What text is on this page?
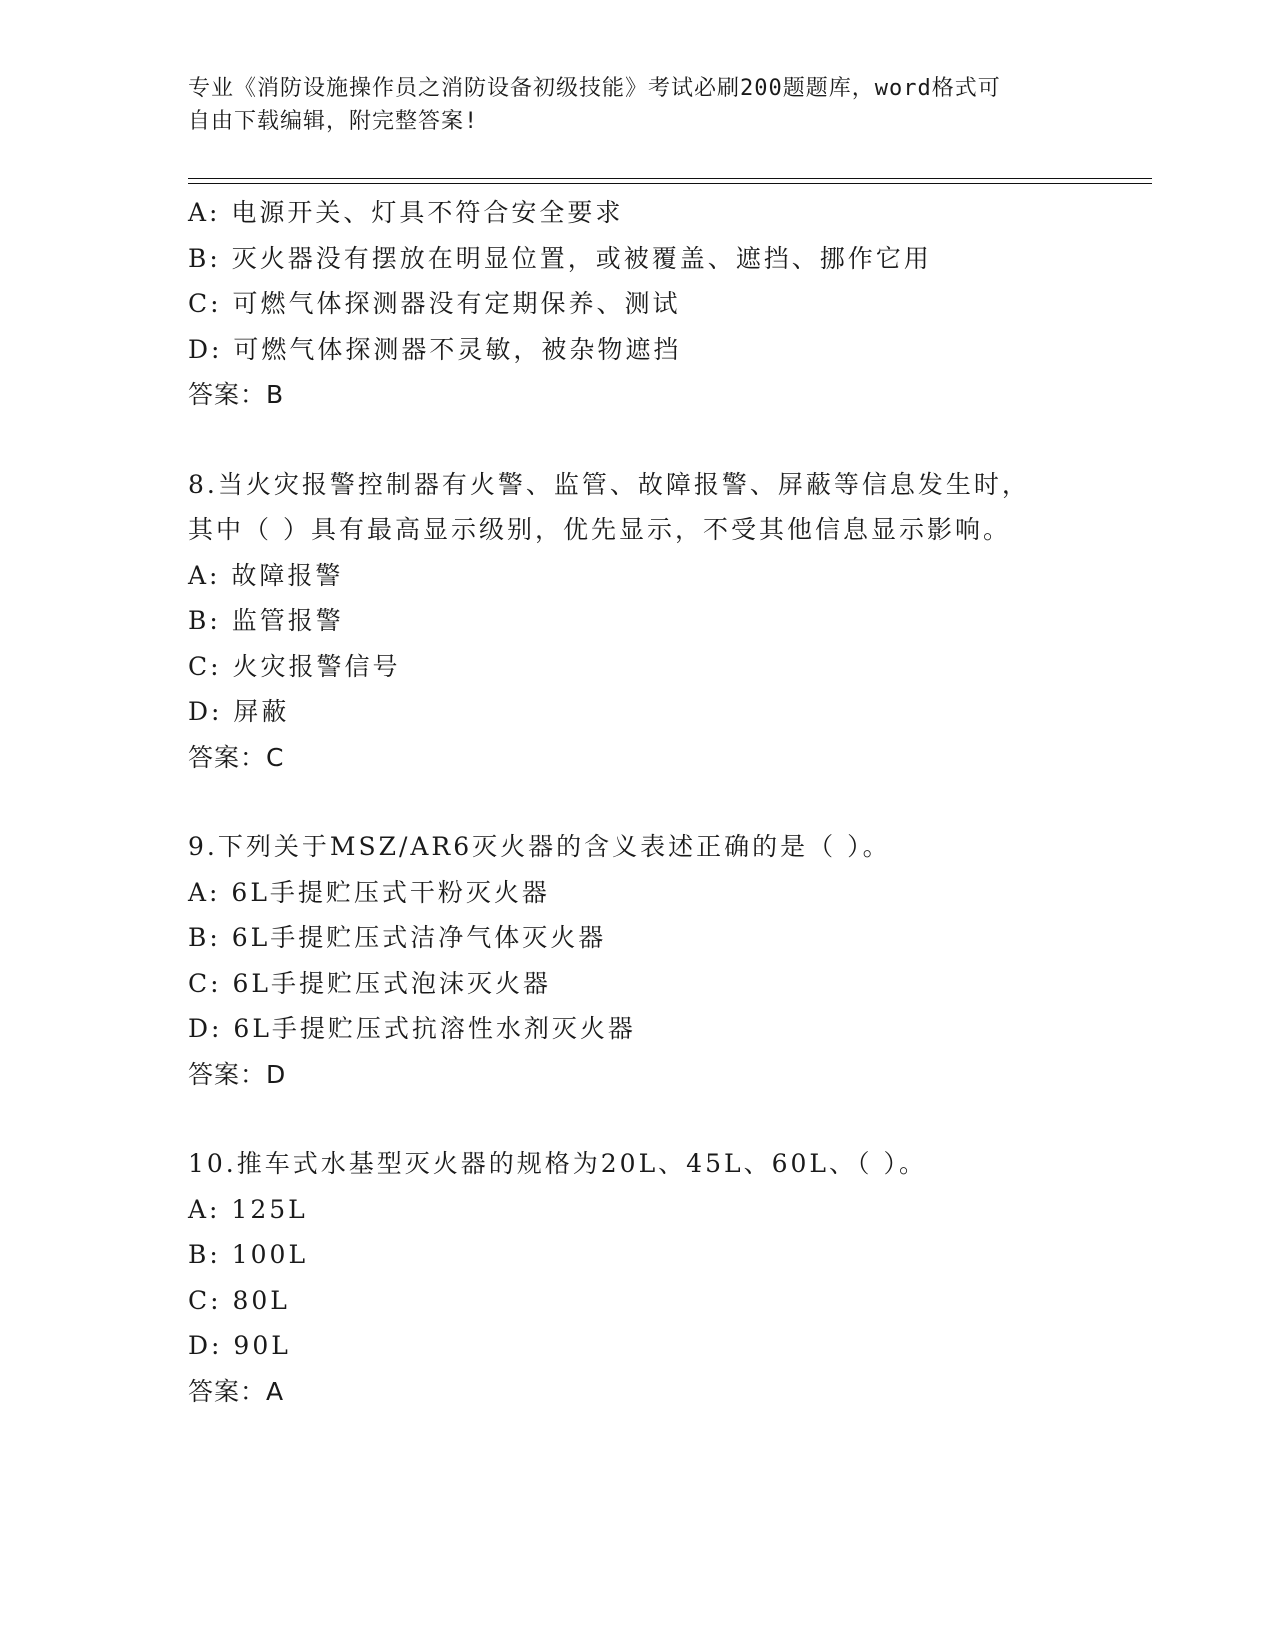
专业《消防设施操作员之消防设备初级技能》考试必刷200题题库，word格式可
自由下载编辑，附完整答案!
A: 电源开关、灯具不符合安全要求
B: 灭火器没有摆放在明显位置，或被覆盖、遮挡、挪作它用
C: 可燃气体探测器没有定期保养、测试
D: 可燃气体探测器不灵敏，被杂物遮挡
答案：B
8.当火灾报警控制器有火警、监管、故障报警、屏蔽等信息发生时，
其中（ ）具有最高显示级别，优先显示，不受其他信息显示影响。
A: 故障报警
B: 监管报警
C: 火灾报警信号
D: 屏蔽
答案：C
9.下列关于MSZ/AR6灭火器的含义表述正确的是（ ）。
A: 6L手提贮压式干粉灭火器
B: 6L手提贮压式洁净气体灭火器
C: 6L手提贮压式泡沫灭火器
D: 6L手提贮压式抗溶性水剂灭火器
答案：D
10.推车式水基型灭火器的规格为20L、45L、60L、（ ）。
A: 125L
B: 100L
C: 80L
D: 90L
答案：A
